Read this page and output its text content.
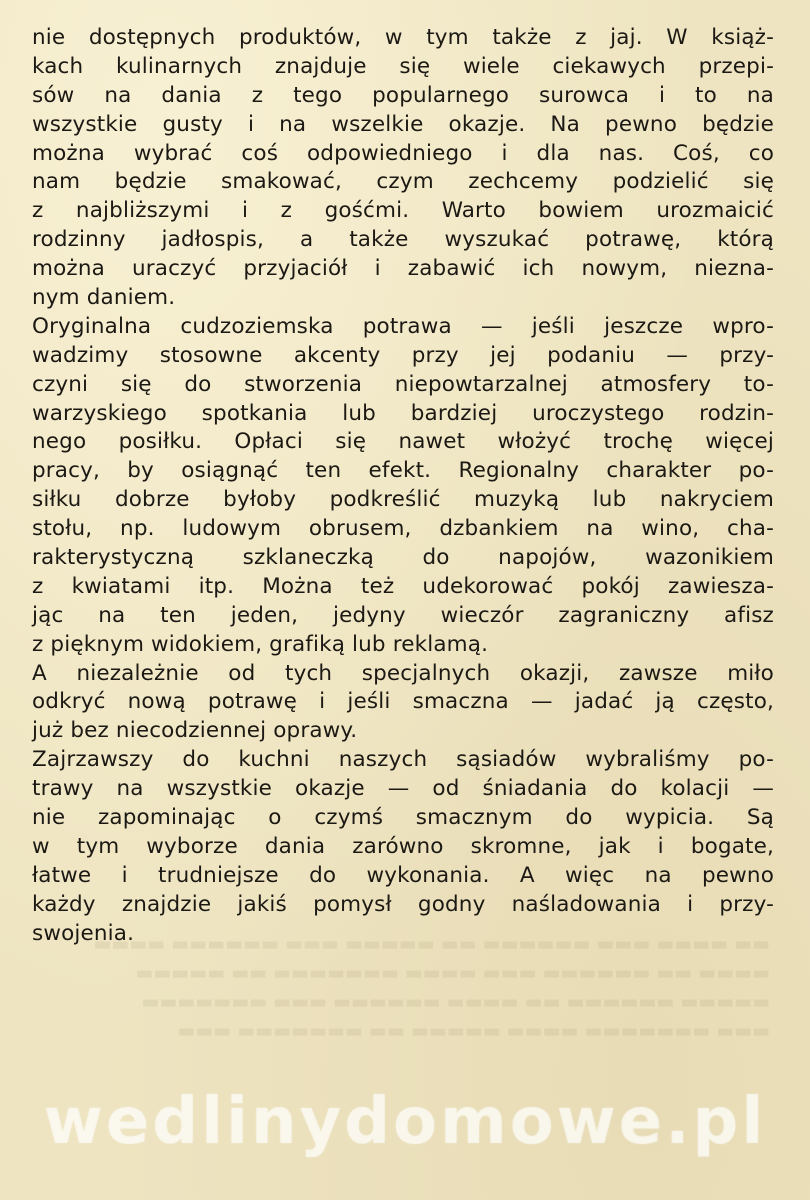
▬▬ ▬▬▬▬ ▬▬▬ ▬▬▬▬▬▬ ▬▬ ▬▬▬▬▬ ▬▬▬ ▬▬▬▬▬▬ ▬▬▬▬
▬▬▬▬ ▬▬ ▬▬▬▬▬▬ ▬▬▬ ▬▬▬▬ ▬▬▬▬▬▬▬ ▬▬ ▬▬▬▬▬
▬▬▬▬▬ ▬▬▬▬▬▬ ▬▬ ▬▬▬▬ ▬▬▬▬▬▬ ▬▬▬ ▬▬▬▬▬▬▬
▬▬▬ ▬▬▬▬▬▬▬ ▬▬▬▬ ▬▬▬▬▬ ▬▬ ▬▬▬▬▬▬▬ ▬▬▬
nie dostępnych produktów, w tym także z jaj. W książ-
kach kulinarnych znajduje się wiele ciekawych przepi-
sów na dania z tego popularnego surowca i to na
wszystkie gusty i na wszelkie okazje. Na pewno będzie
można wybrać coś odpowiedniego i dla nas. Coś, co
nam będzie smakować, czym zechcemy podzielić się
z najbliższymi i z gośćmi. Warto bowiem urozmaicić
rodzinny jadłospis, a także wyszukać potrawę, którą
można uraczyć przyjaciół i zabawić ich nowym, niezna-
nym daniem.
Oryginalna cudzoziemska potrawa — jeśli jeszcze wpro-
wadzimy stosowne akcenty przy jej podaniu — przy-
czyni się do stworzenia niepowtarzalnej atmosfery to-
warzyskiego spotkania lub bardziej uroczystego rodzin-
nego posiłku. Opłaci się nawet włożyć trochę więcej
pracy, by osiągnąć ten efekt. Regionalny charakter po-
siłku dobrze byłoby podkreślić muzyką lub nakryciem
stołu, np. ludowym obrusem, dzbankiem na wino, cha-
rakterystyczną szklaneczką do napojów, wazonikiem
z kwiatami itp. Można też udekorować pokój zawiesza-
jąc na ten jeden, jedyny wieczór zagraniczny afisz
z pięknym widokiem, grafiką lub reklamą.
A niezależnie od tych specjalnych okazji, zawsze miło
odkryć nową potrawę i jeśli smaczna — jadać ją często,
już bez niecodziennej oprawy.
Zajrzawszy do kuchni naszych sąsiadów wybraliśmy po-
trawy na wszystkie okazje — od śniadania do kolacji —
nie zapominając o czymś smacznym do wypicia. Są
w tym wyborze dania zarówno skromne, jak i bogate,
łatwe i trudniejsze do wykonania. A więc na pewno
każdy znajdzie jakiś pomysł godny naśladowania i przy-
swojenia.
wedlinydomowe.pl
